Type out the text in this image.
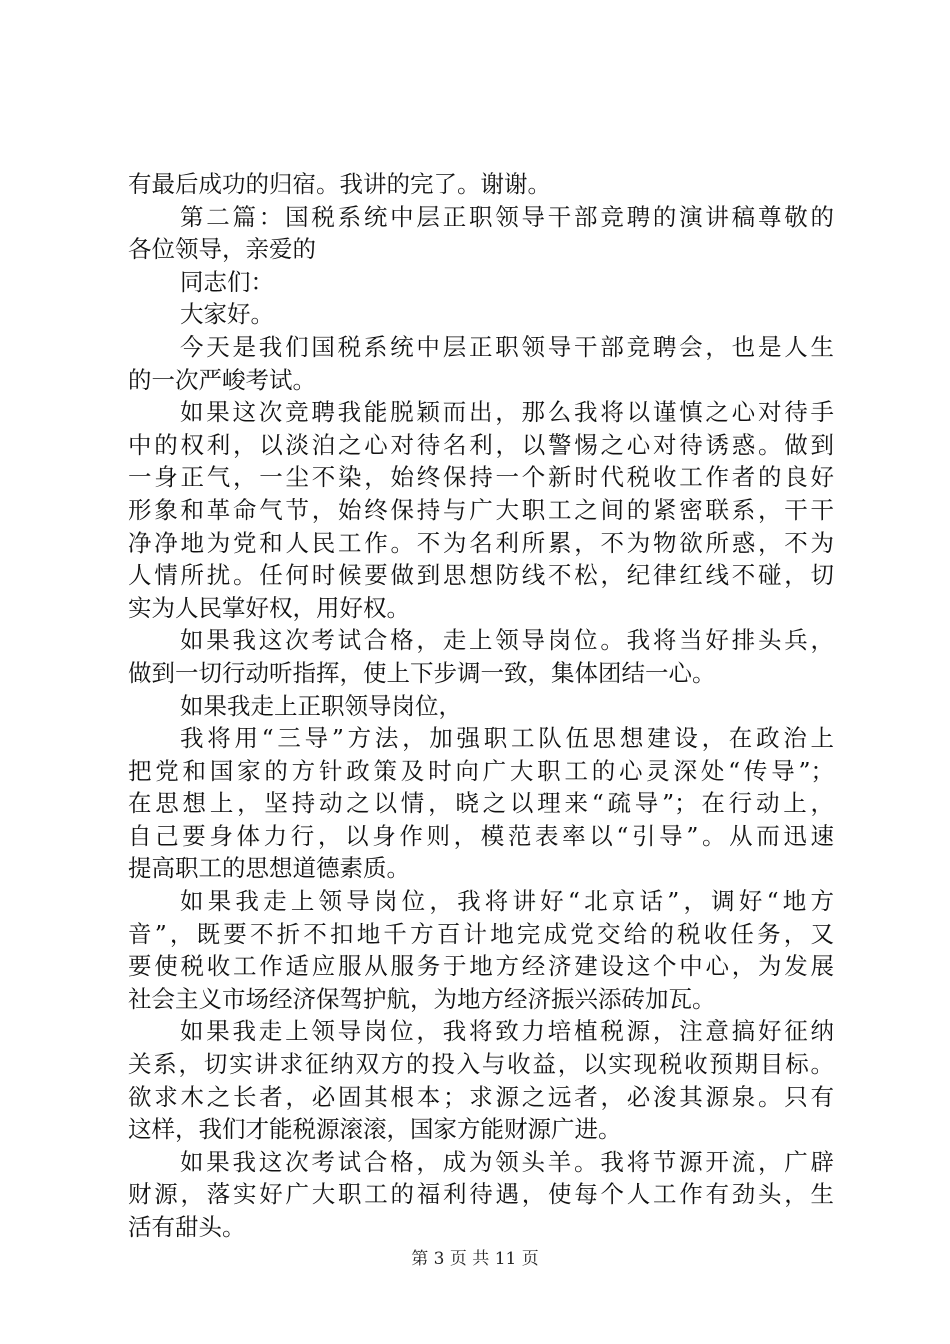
有最后成功的归宿。我讲的完了。谢谢。
第二篇：国税系统中层正职领导干部竞聘的演讲稿尊敬的
各位领导，亲爱的
同志们：
大家好。
今天是我们国税系统中层正职领导干部竞聘会，也是人生
的一次严峻考试。
如果这次竞聘我能脱颖而出，那么我将以谨慎之心对待手
中的权利，以淡泊之心对待名利，以警惕之心对待诱惑。做到
一身正气，一尘不染，始终保持一个新时代税收工作者的良好
形象和革命气节，始终保持与广大职工之间的紧密联系，干干
净净地为党和人民工作。不为名利所累，不为物欲所惑，不为
人情所扰。任何时候要做到思想防线不松，纪律红线不碰，切
实为人民掌好权，用好权。
如果我这次考试合格，走上领导岗位。我将当好排头兵，
做到一切行动听指挥，使上下步调一致，集体团结一心。
如果我走上正职领导岗位，
我将用“三导”方法，加强职工队伍思想建设，在政治上
把党和国家的方针政策及时向广大职工的心灵深处“传导”；
在思想上，坚持动之以情，晓之以理来“疏导”；在行动上，
自己要身体力行，以身作则，模范表率以“引导”。从而迅速
提高职工的思想道德素质。
如果我走上领导岗位，我将讲好“北京话”，调好“地方
音”，既要不折不扣地千方百计地完成党交给的税收任务，又
要使税收工作适应服从服务于地方经济建设这个中心，为发展
社会主义市场经济保驾护航，为地方经济振兴添砖加瓦。
如果我走上领导岗位，我将致力培植税源，注意搞好征纳
关系，切实讲求征纳双方的投入与收益，以实现税收预期目标。
欲求木之长者，必固其根本；求源之远者，必浚其源泉。只有
这样，我们才能税源滚滚，国家方能财源广进。
如果我这次考试合格，成为领头羊。我将节源开流，广辟
财源，落实好广大职工的福利待遇，使每个人工作有劲头，生
活有甜头。
第 3 页 共 11 页
